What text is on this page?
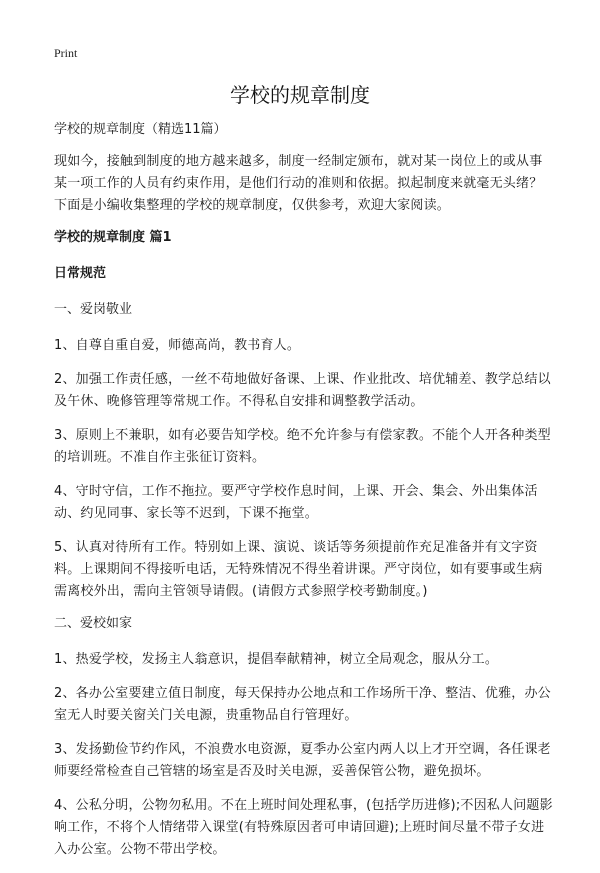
Print
学校的规章制度
学校的规章制度（精选11篇）

现如今，接触到制度的地方越来越多，制度一经制定颁布，就对某一岗位上的或从事某一项工作的人员有约束作用，是他们行动的准则和依据。拟起制度来就毫无头绪？下面是小编收集整理的学校的规章制度，仅供参考，欢迎大家阅读。

学校的规章制度 篇1
日常规范
一、爱岗敬业

1、自尊自重自爱，师德高尚，教书育人。

2、加强工作责任感，一丝不苟地做好备课、上课、作业批改、培优辅差、教学总结以及午休、晚修管理等常规工作。不得私自安排和调整教学活动。

3、原则上不兼职，如有必要告知学校。绝不允许参与有偿家教。不能个人开各种类型的培训班。不准自作主张征订资料。

4、守时守信，工作不拖拉。要严守学校作息时间，上课、开会、集会、外出集体活动、约见同事、家长等不迟到，下课不拖堂。

5、认真对待所有工作。特别如上课、演说、谈话等务须提前作充足准备并有文字资料。上课期间不得接听电话，无特殊情况不得坐着讲课。严守岗位，如有要事或生病需离校外出，需向主管领导请假。(请假方式参照学校考勤制度。)

二、爱校如家

1、热爱学校，发扬主人翁意识，提倡奉献精神，树立全局观念，服从分工。

2、各办公室要建立值日制度，每天保持办公地点和工作场所干净、整洁、优雅，办公室无人时要关窗关门关电源，贵重物品自行管理好。

3、发扬勤俭节约作风，不浪费水电资源，夏季办公室内两人以上才开空调，各任课老师要经常检查自己管辖的场室是否及时关电源，妥善保管公物，避免损坏。

4、公私分明，公物勿私用。不在上班时间处理私事，(包括学历进修);不因私人问题影响工作，不将个人情绪带入课堂(有特殊原因者可申请回避);上班时间尽量不带子女进入办公室。公物不带出学校。
